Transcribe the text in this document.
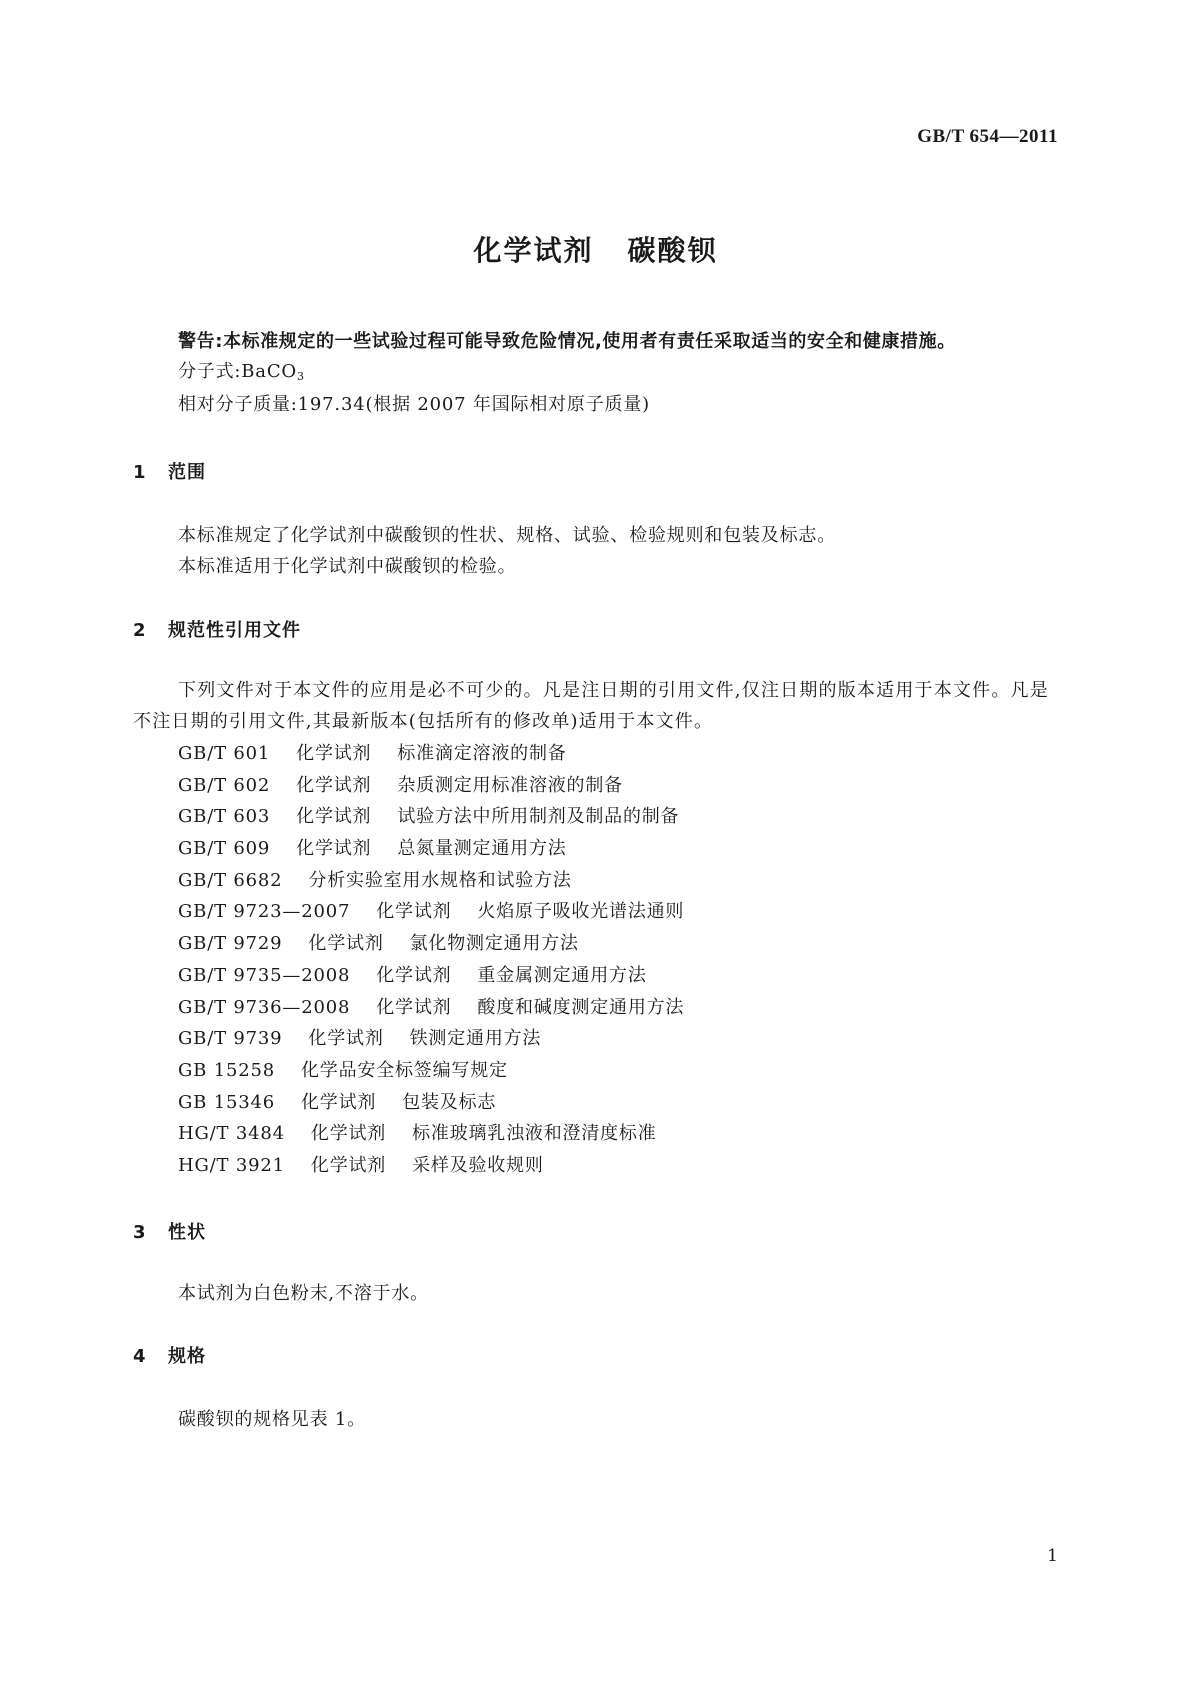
GB/T 654—2011
化学试剂 碳酸钡
警告:本标准规定的一些试验过程可能导致危险情况,使用者有责任采取适当的安全和健康措施。
分子式:BaCO$_3$
相对分子质量:197.34(根据 2007 年国际相对原子质量)
1 范围
本标准规定了化学试剂中碳酸钡的性状、规格、试验、检验规则和包装及标志。
本标准适用于化学试剂中碳酸钡的检验。
2 规范性引用文件
下列文件对于本文件的应用是必不可少的。凡是注日期的引用文件,仅注日期的版本适用于本文件。凡是不注日期的引用文件,其最新版本(包括所有的修改单)适用于本文件。
GB/T 601 化学试剂 标准滴定溶液的制备
GB/T 602 化学试剂 杂质测定用标准溶液的制备
GB/T 603 化学试剂 试验方法中所用制剂及制品的制备
GB/T 609 化学试剂 总氮量测定通用方法
GB/T 6682 分析实验室用水规格和试验方法
GB/T 9723—2007 化学试剂 火焰原子吸收光谱法通则
GB/T 9729 化学试剂 氯化物测定通用方法
GB/T 9735—2008 化学试剂 重金属测定通用方法
GB/T 9736—2008 化学试剂 酸度和碱度测定通用方法
GB/T 9739 化学试剂 铁测定通用方法
GB 15258 化学品安全标签编写规定
GB 15346 化学试剂 包装及标志
HG/T 3484 化学试剂 标准玻璃乳浊液和澄清度标准
HG/T 3921 化学试剂 采样及验收规则
3 性状
本试剂为白色粉末,不溶于水。
4 规格
碳酸钡的规格见表 1。
1
